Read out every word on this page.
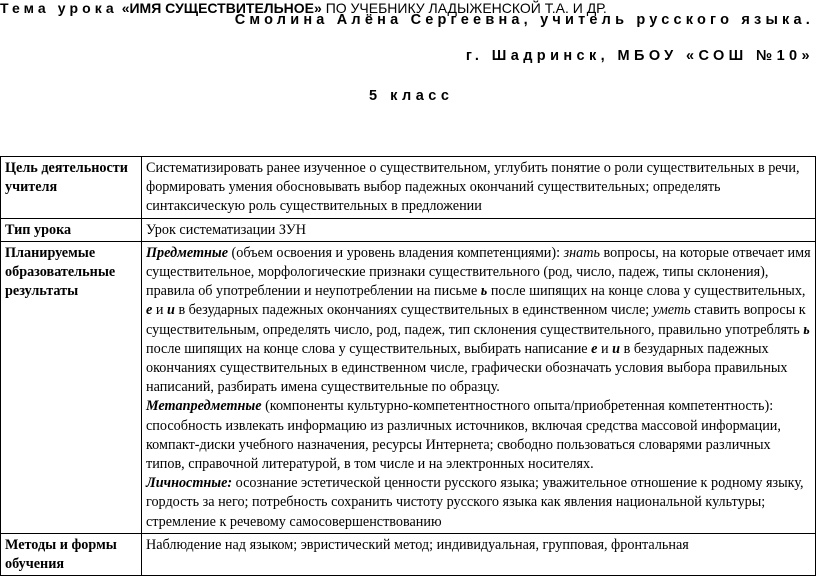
Смолина Алёна Сергеевна, учитель русского языка.
г. Шадринск, МБОУ «СОШ №10»
5 класс
Тема урока «ИМЯ СУЩЕСТВИТЕЛЬНОЕ» ПО УЧЕБНИКУ ЛАДЫЖЕНСКОЙ Т.А. И ДР.
Цель деятельности учителя	Систематизировать ранее изученное о существительном, углубить понятие о роли существительных в речи, формировать умения обосновывать выбор падежных окончаний существительных; определять синтаксическую роль существительных в предложении
Тип урока	Урок систематизации ЗУН
Планируемые образовательные результаты	Предметные (объем освоения и уровень владения компетенциями): знать вопросы, на которые отвечает имя существительное, морфологические признаки существительного (род, число, падеж, типы склонения), правила об употреблении и неупотреблении на письме ь после шипящих на конце слова у существительных, е и и в безударных падежных окончаниях существительных в единственном числе; уметь ставить вопросы к существительным, определять число, род, падеж, тип склонения существительного, правильно употреблять ь после шипящих на конце слова у существительных, выбирать написание е и и в безударных падежных окончаниях существительных в единственном числе, графически обозначать условия выбора правильных написаний, разбирать имена существительные по образцу.
Метапредметные (компоненты культурно-компетентностного опыта/приобретенная компетентность): способность извлекать информацию из различных источников, включая средства массовой информации, компакт-диски учебного назначения, ресурсы Интернета; свободно пользоваться словарями различных типов, справочной литературой, в том числе и на электронных носителях.
Личностные: осознание эстетической ценности русского языка; уважительное отношение к родному языку, гордость за него; потребность сохранить чистоту русского языка как явления национальной культуры; стремление к речевому самосовершенствованию
Методы и формы обучения	Наблюдение над языком; эвристический метод; индивидуальная, групповая, фронтальная
